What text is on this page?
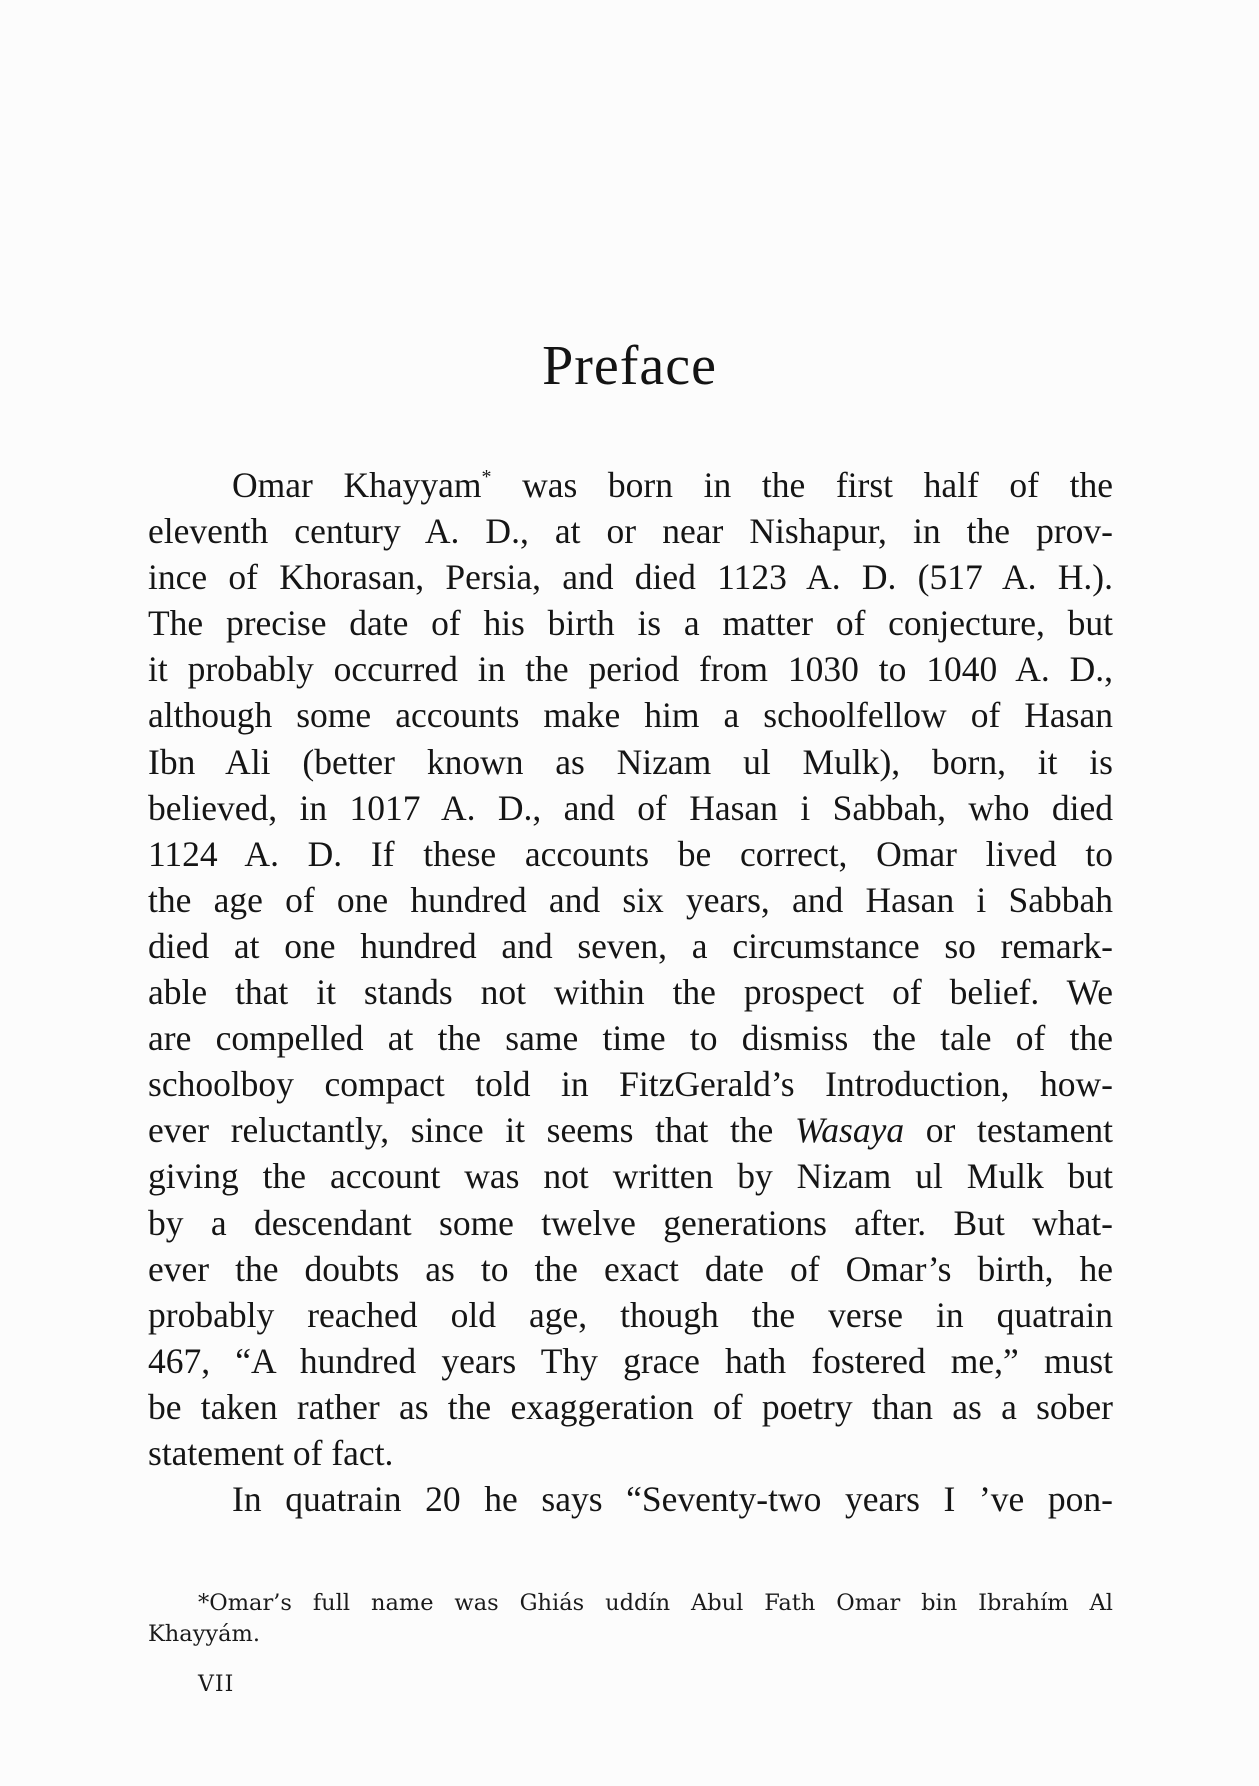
Preface
Omar Khayyam* was born in the first half of the
eleventh century A. D., at or near Nishapur, in the prov-
ince of Khorasan, Persia, and died 1123 A. D. (517 A. H.).
The precise date of his birth is a matter of conjecture, but
it probably occurred in the period from 1030 to 1040 A. D.,
although some accounts make him a schoolfellow of Hasan
Ibn Ali (better known as Nizam ul Mulk), born, it is
believed, in 1017 A. D., and of Hasan i Sabbah, who died
1124 A. D. If these accounts be correct, Omar lived to
the age of one hundred and six years, and Hasan i Sabbah
died at one hundred and seven, a circumstance so remark-
able that it stands not within the prospect of belief. We
are compelled at the same time to dismiss the tale of the
schoolboy compact told in FitzGerald’s Introduction, how-
ever reluctantly, since it seems that the Wasaya or testament
giving the account was not written by Nizam ul Mulk but
by a descendant some twelve generations after. But what-
ever the doubts as to the exact date of Omar’s birth, he
probably reached old age, though the verse in quatrain
467, “A hundred years Thy grace hath fostered me,” must
be taken rather as the exaggeration of poetry than as a sober
statement of fact.
In quatrain 20 he says “Seventy-two years I ’ve pon-
*Omar’s full name was Ghiás uddín Abul Fath Omar bin Ibrahím Al
Khayyám.
VII
